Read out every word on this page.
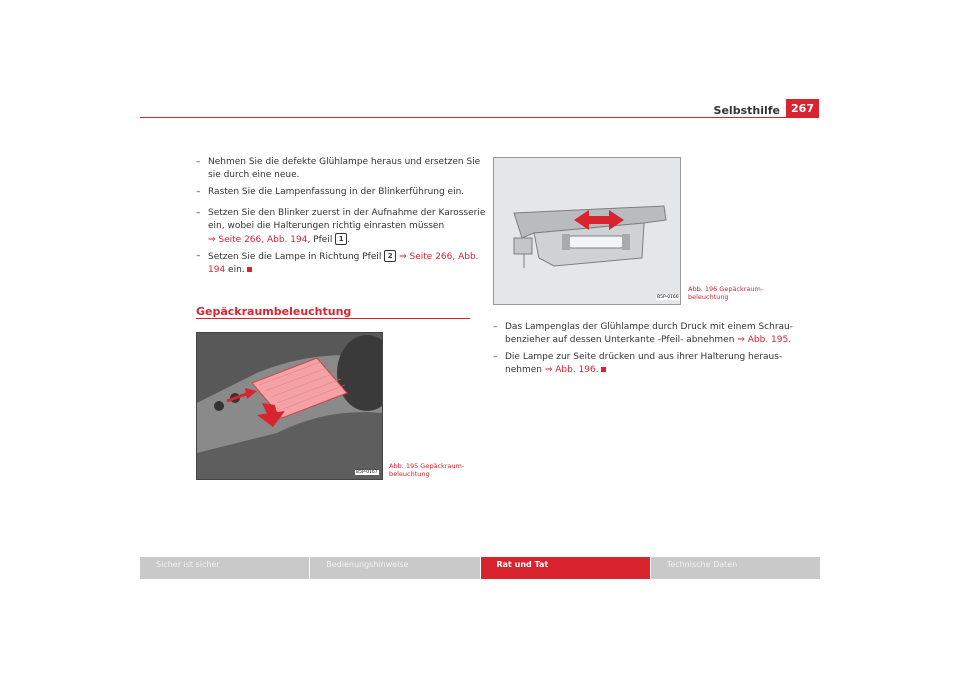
Selbsthilfe	267
– Nehmen Sie die defekte Glühlampe heraus und ersetzen Sie sie durch eine neue.
– Rasten Sie die Lampenfassung in der Blinkerführung ein.
– Setzen Sie den Blinker zuerst in der Aufnahme der Karosserie ein, wobei die Halterungen richtig einrasten müssen
⇒ Seite 266, Abb. 194, Pfeil 1 .
– Setzen Sie die Lampe in Richtung Pfeil 2 ⇒ Seite 266, Abb. 194 ein.
Gepäckraumbeleuchtung
B5P-0167
Abb. 195 Gepäckraum-
beleuchtung
B5P-0166
Abb. 196 Gepäckraum-
beleuchtung
– Das Lampenglas der Glühlampe durch Druck mit einem Schrau-benzieher auf dessen Unterkante -Pfeil- abnehmen ⇒ Abb. 195.
– Die Lampe zur Seite drücken und aus ihrer Halterung heraus-nehmen ⇒ Abb. 196.
Sicher ist sicher	Bedienungshinweise	Rat und Tat	Technische Daten
